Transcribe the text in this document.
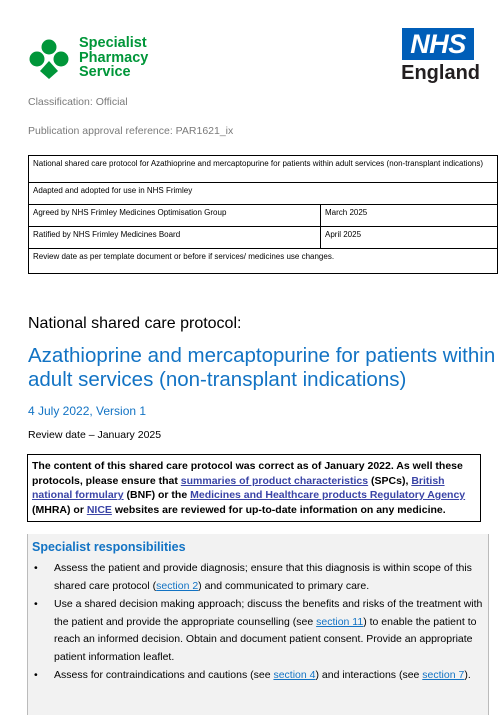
Specialist
Pharmacy
Service
NHS
England
Classification: Official
Publication approval reference: PAR1621_ix
National shared care protocol for Azathioprine and mercaptopurine for patients within adult services (non-transplant indications)	
Adapted and adopted for use in NHS Frimley	
Agreed by NHS Frimley Medicines Optimisation Group	March 2025
Ratified by NHS Frimley Medicines Board	April 2025
Review date as per template document or before if services/ medicines use changes.	
National shared care protocol:
Azathioprine and mercaptopurine for patients within adult services (non-transplant indications)
4 July 2022, Version 1
Review date – January 2025
The content of this shared care protocol was correct as of January 2022. As well these protocols, please ensure that summaries of product characteristics (SPCs), British national formulary (BNF) or the Medicines and Healthcare products Regulatory Agency (MHRA) or NICE websites are reviewed for up-to-date information on any medicine.
Specialist responsibilities
• Assess the patient and provide diagnosis; ensure that this diagnosis is within scope of this shared care protocol (section 2) and communicated to primary care.
• Use a shared decision making approach; discuss the benefits and risks of the treatment with the patient and provide the appropriate counselling (see section 11) to enable the patient to reach an informed decision. Obtain and document patient consent. Provide an appropriate patient information leaflet.
• Assess for contraindications and cautions (see section 4) and interactions (see section 7).
